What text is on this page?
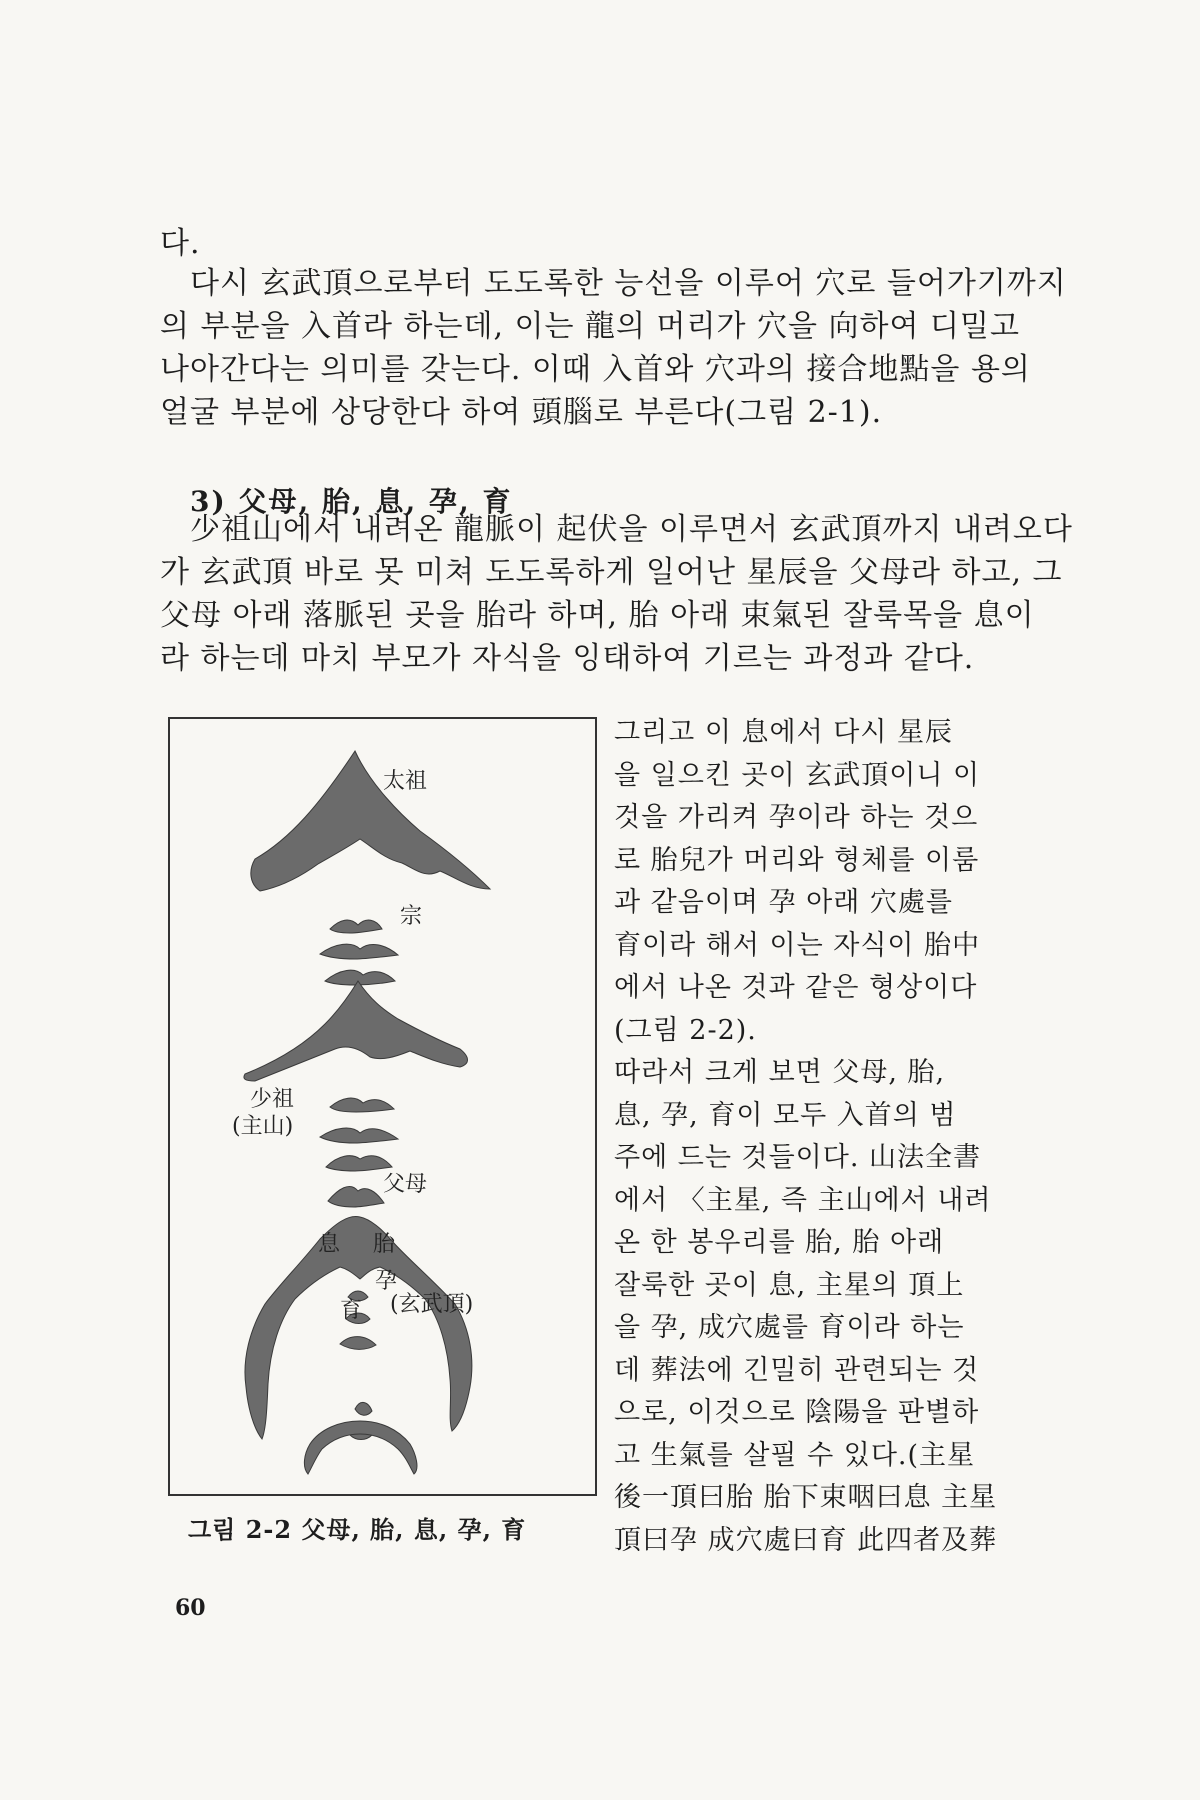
다.
다시 玄武頂으로부터 도도록한 능선을 이루어 穴로 들어가기까지
의 부분을 入首라 하는데, 이는 龍의 머리가 穴을 向하여 디밀고
나아간다는 의미를 갖는다. 이때 入首와 穴과의 接合地點을 용의
얼굴 부분에 상당한다 하여 頭腦로 부른다(그림 2-1).
3) 父母, 胎, 息, 孕, 育
少祖山에서 내려온 龍脈이 起伏을 이루면서 玄武頂까지 내려오다
가 玄武頂 바로 못 미쳐 도도록하게 일어난 星辰을 父母라 하고, 그
父母 아래 落脈된 곳을 胎라 하며, 胎 아래 束氣된 잘룩목을 息이
라 하는데 마치 부모가 자식을 잉태하여 기르는 과정과 같다.
太祖
宗
少祖
(主山)
父母
胎
息
孕
(玄武頂)
育
그림 2-2 父母, 胎, 息, 孕, 育
그리고 이 息에서 다시 星辰
을 일으킨 곳이 玄武頂이니 이
것을 가리켜 孕이라 하는 것으
로 胎兒가 머리와 형체를 이룸
과 같음이며 孕 아래 穴處를
育이라 해서 이는 자식이 胎中
에서 나온 것과 같은 형상이다
(그림 2-2).
따라서 크게 보면 父母, 胎,
息, 孕, 育이 모두 入首의 범
주에 드는 것들이다. 山法全書
에서 〈主星, 즉 主山에서 내려
온 한 봉우리를 胎, 胎 아래
잘룩한 곳이 息, 主星의 頂上
을 孕, 成穴處를 育이라 하는
데 葬法에 긴밀히 관련되는 것
으로, 이것으로 陰陽을 판별하
고 生氣를 살필 수 있다.(主星
後一頂曰胎 胎下束咽曰息 主星
頂曰孕 成穴處曰育 此四者及葬
60
